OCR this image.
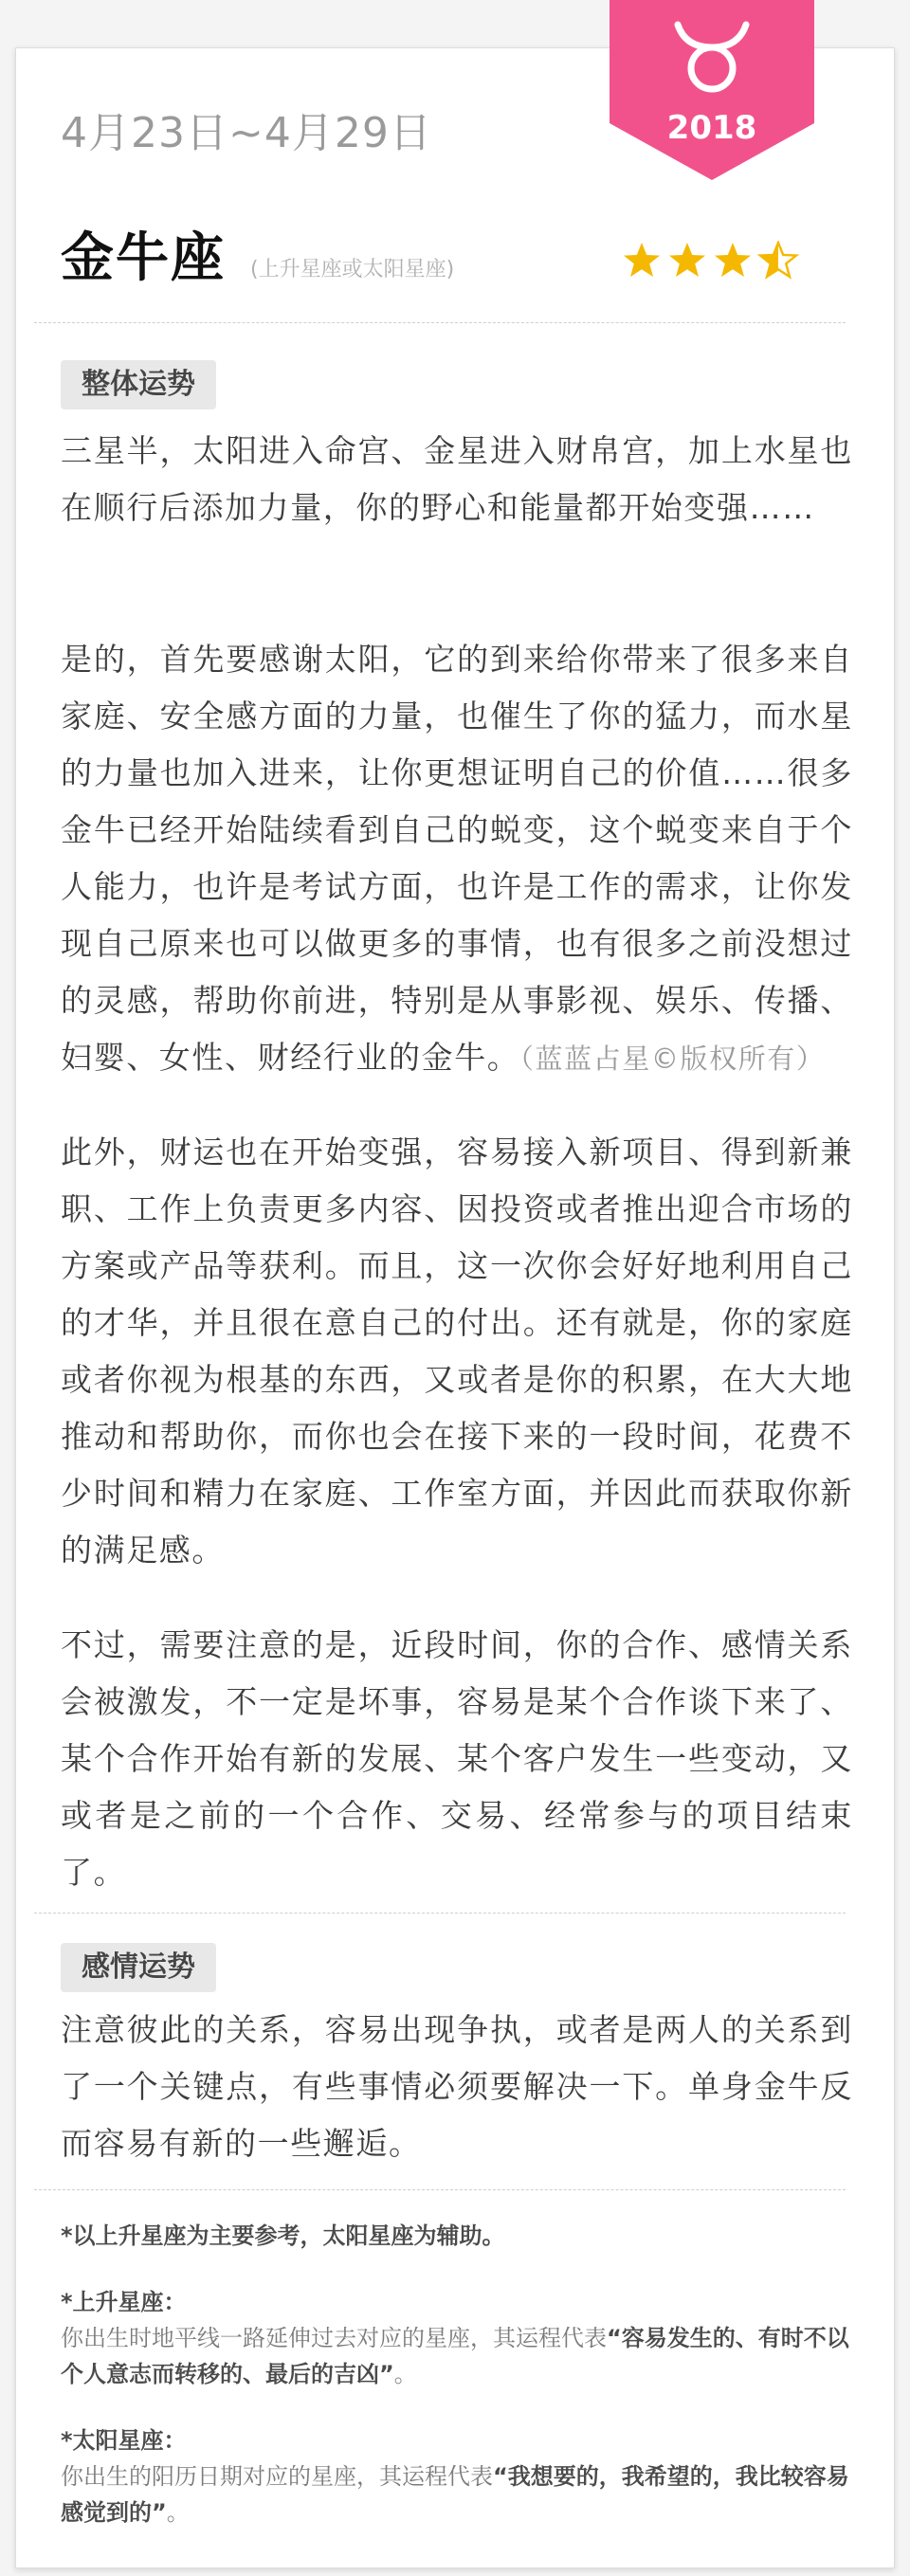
2018
4月23日~4月29日
金牛座 (上升星座或太阳星座)
整体运势
三星半，太阳进入命宫、金星进入财帛宫，加上水星也在顺行后添加力量，你的野心和能量都开始变强……
是的，首先要感谢太阳，它的到来给你带来了很多来自家庭、安全感方面的力量，也催生了你的猛力，而水星的力量也加入进来，让你更想证明自己的价值……很多金牛已经开始陆续看到自己的蜕变，这个蜕变来自于个人能力，也许是考试方面，也许是工作的需求，让你发现自己原来也可以做更多的事情，也有很多之前没想过的灵感，帮助你前进，特别是从事影视、娱乐、传播、妇婴、女性、财经行业的金牛。（蓝蓝占星©版权所有）
此外，财运也在开始变强，容易接入新项目、得到新兼职、工作上负责更多内容、因投资或者推出迎合市场的方案或产品等获利。而且，这一次你会好好地利用自己的才华，并且很在意自己的付出。还有就是，你的家庭或者你视为根基的东西，又或者是你的积累，在大大地推动和帮助你，而你也会在接下来的一段时间，花费不少时间和精力在家庭、工作室方面，并因此而获取你新的满足感。
不过，需要注意的是，近段时间，你的合作、感情关系会被激发，不一定是坏事，容易是某个合作谈下来了、某个合作开始有新的发展、某个客户发生一些变动，又或者是之前的一个合作、交易、经常参与的项目结束了。
感情运势
注意彼此的关系，容易出现争执，或者是两人的关系到了一个关键点，有些事情必须要解决一下。单身金牛反而容易有新的一些邂逅。
*以上升星座为主要参考，太阳星座为辅助。
*上升星座：
你出生时地平线一路延伸过去对应的星座，其运程代表“容易发生的、有时不以个人意志而转移的、最后的吉凶”。
*太阳星座：
你出生的阳历日期对应的星座，其运程代表“我想要的，我希望的，我比较容易感觉到的”。
